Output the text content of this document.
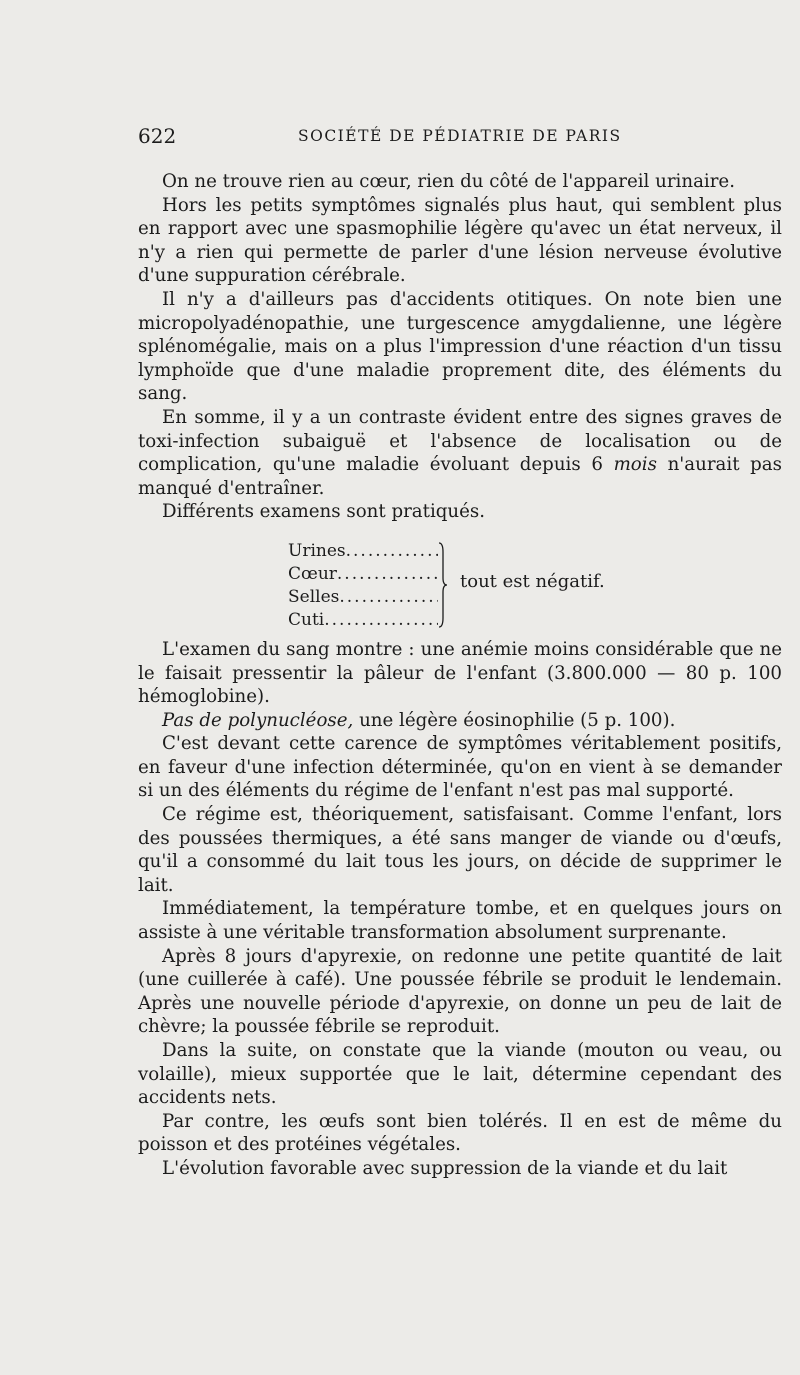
622	SOCIÉTÉ DE PÉDIATRIE DE PARIS

On ne trouve rien au cœur, rien du côté de l'appareil urinaire.

Hors les petits symptômes signalés plus haut, qui semblent plus en rapport avec une spasmophilie légère qu'avec un état nerveux, il n'y a rien qui permette de parler d'une lésion nerveuse évolutive d'une suppuration cérébrale.

Il n'y a d'ailleurs pas d'accidents otitiques. On note bien une micropolyadénopathie, une turgescence amygdalienne, une légère splénomégalie, mais on a plus l'impression d'une réaction d'un tissu lymphoïde que d'une maladie proprement dite, des éléments du sang.

En somme, il y a un contraste évident entre des signes graves de toxi-infection subaiguë et l'absence de localisation ou de complication, qu'une maladie évoluant depuis 6 mois n'aurait pas manqué d'entraîner.

Différents examens sont pratiqués.

Urines
.....
Cœur
.....
Selles
.....
Cuti
.....
tout est négatif.

L'examen du sang montre : une anémie moins considérable que ne le faisait pressentir la pâleur de l'enfant (3.800.000 — 80 p. 100 hémoglobine).

Pas de polynucléose, une légère éosinophilie (5 p. 100).

C'est devant cette carence de symptômes véritablement positifs, en faveur d'une infection déterminée, qu'on en vient à se demander si un des éléments du régime de l'enfant n'est pas mal supporté.

Ce régime est, théoriquement, satisfaisant. Comme l'enfant, lors des poussées thermiques, a été sans manger de viande ou d'œufs, qu'il a consommé du lait tous les jours, on décide de supprimer le lait.

Immédiatement, la température tombe, et en quelques jours on assiste à une véritable transformation absolument surprenante.

Après 8 jours d'apyrexie, on redonne une petite quantité de lait (une cuillerée à café). Une poussée fébrile se produit le lendemain. Après une nouvelle période d'apyrexie, on donne un peu de lait de chèvre; la poussée fébrile se reproduit.

Dans la suite, on constate que la viande (mouton ou veau, ou volaille), mieux supportée que le lait, détermine cependant des accidents nets.

Par contre, les œufs sont bien tolérés. Il en est de même du poisson et des protéines végétales.

L'évolution favorable avec suppression de la viande et du lait
